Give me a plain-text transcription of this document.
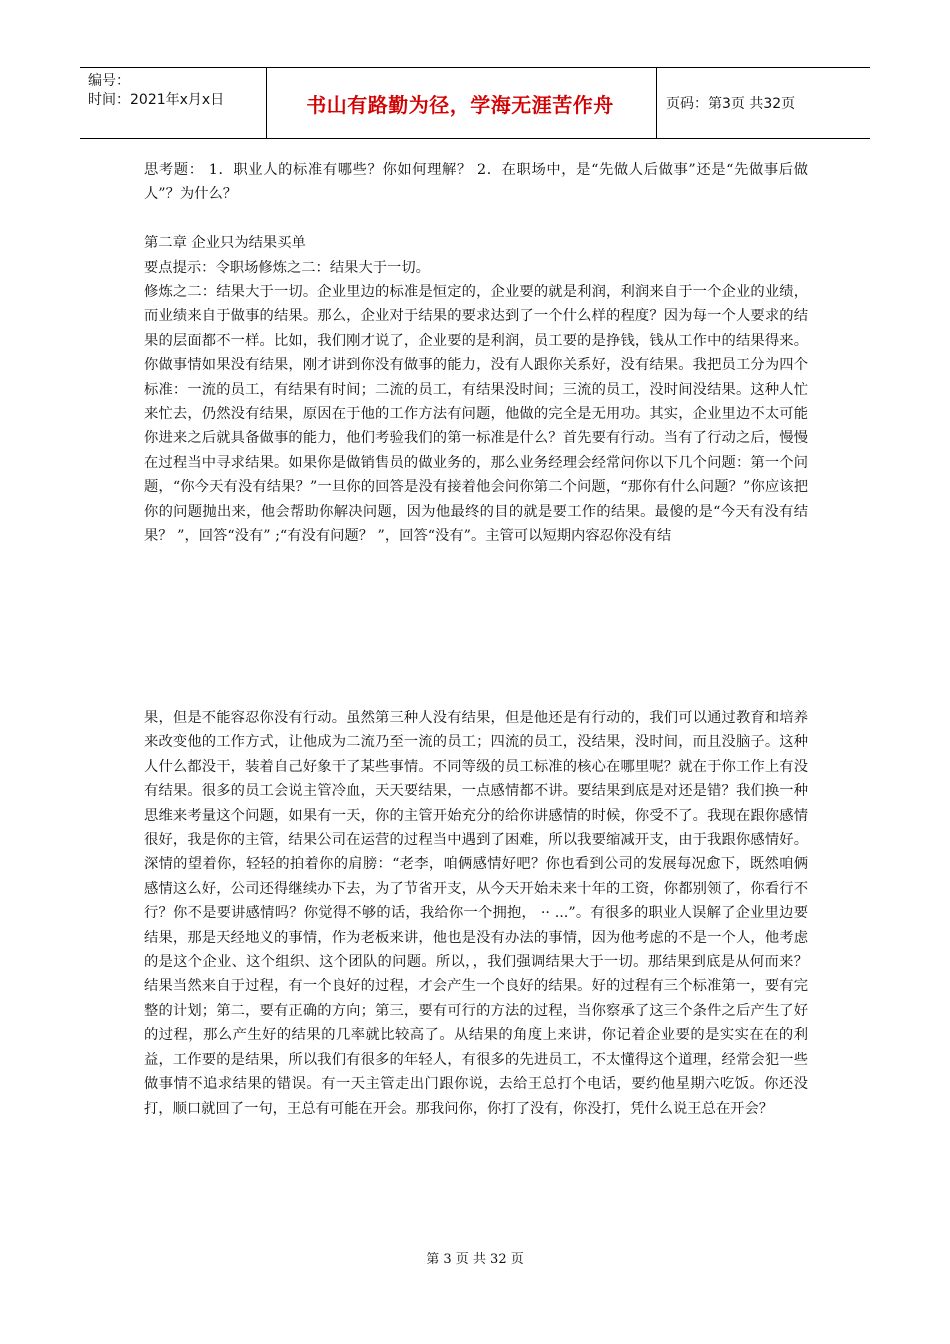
编号：
时间：2021年x月x日	书山有路勤为径，学海无涯苦作舟	页码：第3页 共32页

思考题： 1．职业人的标准有哪些？你如何理解？ 2．在职场中，是“先做人后做事”还是“先做事后做人”？为什么？

第二章 企业只为结果买单

要点提示：令职场修炼之二：结果大于一切。

修炼之二：结果大于一切。企业里边的标准是恒定的，企业要的就是利润，利润来自于一个企业的业绩，而业绩来自于做事的结果。那么，企业对于结果的要求达到了一个什么样的程度？因为每一个人要求的结果的层面都不一样。比如，我们刚才说了，企业要的是利润，员工要的是挣钱，钱从工作中的结果得来。你做事情如果没有结果，刚才讲到你没有做事的能力，没有人跟你关系好，没有结果。我把员工分为四个标准：一流的员工，有结果有时间；二流的员工，有结果没时间；三流的员工，没时间没结果。这种人忙来忙去，仍然没有结果，原因在于他的工作方法有问题，他做的完全是无用功。其实，企业里边不太可能你进来之后就具备做事的能力，他们考验我们的第一标准是什么？首先要有行动。当有了行动之后，慢慢在过程当中寻求结果。如果你是做销售员的做业务的，那么业务经理会经常问你以下几个问题：第一个问题，“你今天有没有结果？”一旦你的回答是没有接着他会问你第二个问题，“那你有什么问题？”你应该把你的问题抛出来，他会帮助你解决问题，因为他最终的目的就是要工作的结果。最傻的是“今天有没有结果？ ”，回答“没有” ;“有没有问题？ ”，回答“没有”。主管可以短期内容忍你没有结

果，但是不能容忍你没有行动。虽然第三种人没有结果，但是他还是有行动的，我们可以通过教育和培养来改变他的工作方式，让他成为二流乃至一流的员工；四流的员工，没结果，没时间，而且没脑子。这种人什么都没干，装着自己好象干了某些事情。不同等级的员工标准的核心在哪里呢？就在于你工作上有没有结果。很多的员工会说主管冷血，天天要结果，一点感情都不讲。要结果到底是对还是错？我们换一种思维来考量这个问题，如果有一天，你的主管开始充分的给你讲感情的时候，你受不了。我现在跟你感情很好，我是你的主管，结果公司在运营的过程当中遇到了困难，所以我要缩减开支，由于我跟你感情好。深情的望着你，轻轻的拍着你的肩膀：“老李，咱俩感情好吧？你也看到公司的发展每况愈下，既然咱俩感情这么好，公司还得继续办下去，为了节省开支，从今天开始未来十年的工资，你都别领了，你看行不行？你不是要讲感情吗？你觉得不够的话，我给你一个拥抱， ·· ...”。有很多的职业人误解了企业里边要结果，那是天经地义的事情，作为老板来讲，他也是没有办法的事情，因为他考虑的不是一个人，他考虑的是这个企业、这个组织、这个团队的问题。所以，，我们强调结果大于一切。那结果到底是从何而来？结果当然来自于过程，有一个良好的过程，才会产生一个良好的结果。好的过程有三个标准第一，要有完整的计划；第二，要有正确的方向；第三，要有可行的方法的过程，当你察承了这三个条件之后产生了好的过程，那么产生好的结果的几率就比较高了。从结果的角度上来讲，你记着企业要的是实实在在的利益，工作要的是结果，所以我们有很多的年轻人，有很多的先进员工，不太懂得这个道理，经常会犯一些做事情不追求结果的错误。有一天主管走出门跟你说，去给王总打个电话，要约他星期六吃饭。你还没打，顺口就回了一句，王总有可能在开会。那我问你，你打了没有，你没打，凭什么说王总在开会？

第 3 页 共 32 页
